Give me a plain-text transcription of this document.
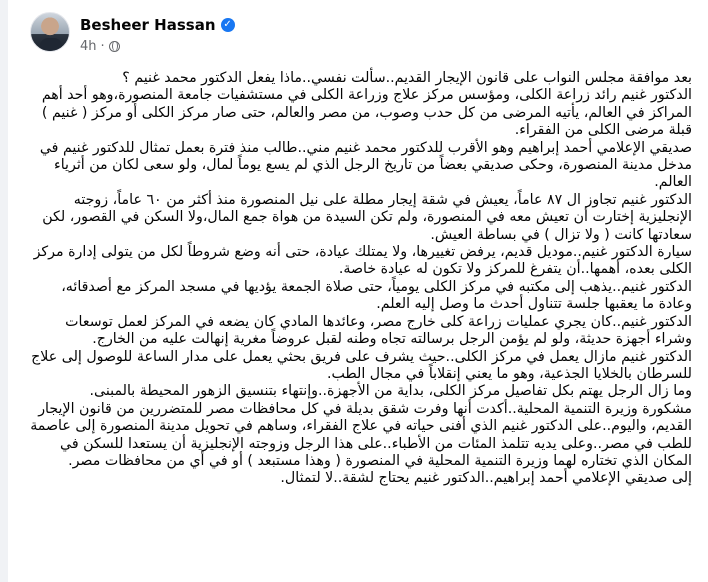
Besheer Hassan ✓
4h ·

بعد موافقة مجلس النواب على قانون الإيجار القديم..سألت نفسي..ماذا يفعل الدكتور محمد غنيم ؟

الدكتور غنيم رائد زراعة الكلى، ومؤسس مركز علاج وزراعة الكلى في مستشفيات جامعة المنصورة،وهو أحد أهم المراكز في العالم، يأتيه المرضى من كل حدب وصوب، من مصر والعالم، حتى صار مركز الكلى أو مركز ( غنيم ) قبلة مرضى الكلى من الفقراء.

صديقي الإعلامي أحمد إبراهيم وهو الأقرب للدكتور محمد غنيم مني..طالب منذ فترة بعمل تمثال للدكتور غنيم في مدخل مدينة المنصورة، وحكى صديقي بعضاً من تاريخ الرجل الذي لم يسع يوماً لمال، ولو سعى لكان من أثرياء العالم.

الدكتور غنيم تجاوز ال ٨٧ عاماً، يعيش في شقة إيجار مطلة على نيل المنصورة منذ أكثر من ٦٠ عاماً، زوجته الإنجليزية إختارت أن تعيش معه في المنصورة، ولم تكن السيدة من هواة جمع المال،ولا السكن في القصور، لكن سعادتها كانت ( ولا تزال ) في بساطة العيش.

سيارة الدكتور غنيم..موديل قديم، يرفض تغييرها، ولا يمتلك عيادة، حتى أنه وضع شروطاً لكل من يتولى إدارة مركز الكلى بعده، أهمها..أن يتفرغ للمركز ولا تكون له عيادة خاصة.

الدكتور غنيم..يذهب إلى مكتبه في مركز الكلى يومياً، حتى صلاة الجمعة يؤديها في مسجد المركز مع أصدقائه، وعادة ما يعقبها جلسة تتناول أحدث ما وصل إليه العلم.

الدكتور غنيم..كان يجري عمليات زراعة كلى خارج مصر، وعائدها المادي كان يضعه في المركز لعمل توسعات وشراء أجهزة حديثة، ولو لم يؤمن الرجل برسالته تجاه وطنه لقبل عروضاً مغرية إنهالت عليه من الخارج.

الدكتور غنيم مازال يعمل في مركز الكلى..حيث يشرف على فريق بحثي يعمل على مدار الساعة للوصول إلى علاج للسرطان بالخلايا الجذعية، وهو ما يعني إنقلاباً في مجال الطب.

وما زال الرجل يهتم بكل تفاصيل مركز الكلى، بداية من الأجهزة..وإنتهاء بتنسيق الزهور المحيطة بالمبنى.

مشكورة وزيرة التنمية المحلية..أكدت أنها وفرت شقق بديلة في كل محافظات مصر للمتضررين من قانون الإيجار القديم، واليوم..على الدكتور غنيم الذي أفنى حياته في علاج الفقراء، وساهم في تحويل مدينة المنصورة إلى عاصمة للطب في مصر..وعلى يديه تتلمذ المئات من الأطباء..على هذا الرجل وزوجته الإنجليزية أن يستعدا للسكن في المكان الذي تختاره لهما وزيرة التنمية المحلية في المنصورة ( وهذا مستبعد ) أو في أي من محافظات مصر.

إلى صديقي الإعلامي أحمد إبراهيم..الدكتور غنيم يحتاج لشقة..لا لتمثال.
